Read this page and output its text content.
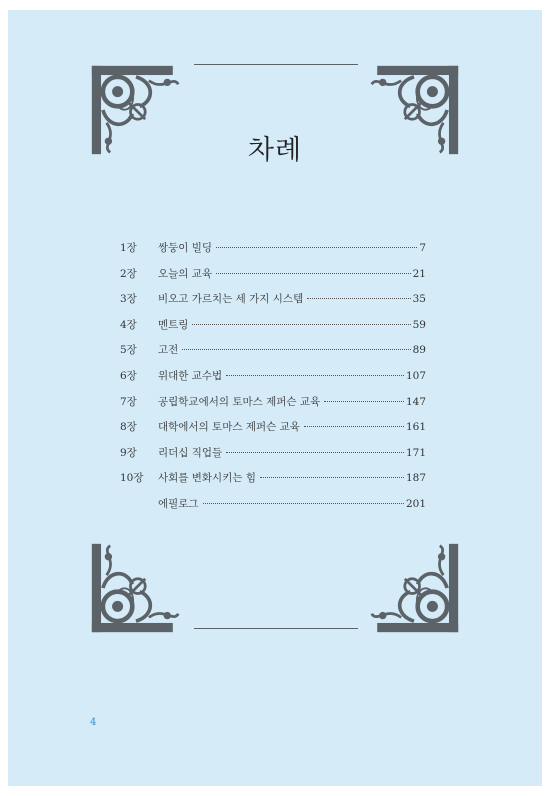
차례
1장	쌍둥이 빌딩	7
2장	오늘의 교육	21
3장	비오고 가르치는 세 가지 시스템	35
4장	멘트링	59
5장	고전	89
6장	위대한 교수법	107
7장	공립학교에서의 토마스 제퍼슨 교육	147
8장	대학에서의 토마스 제퍼슨 교육	161
9장	리더십 직업들	171
10장	사회를 변화시키는 힘	187
에필로그	201
4
